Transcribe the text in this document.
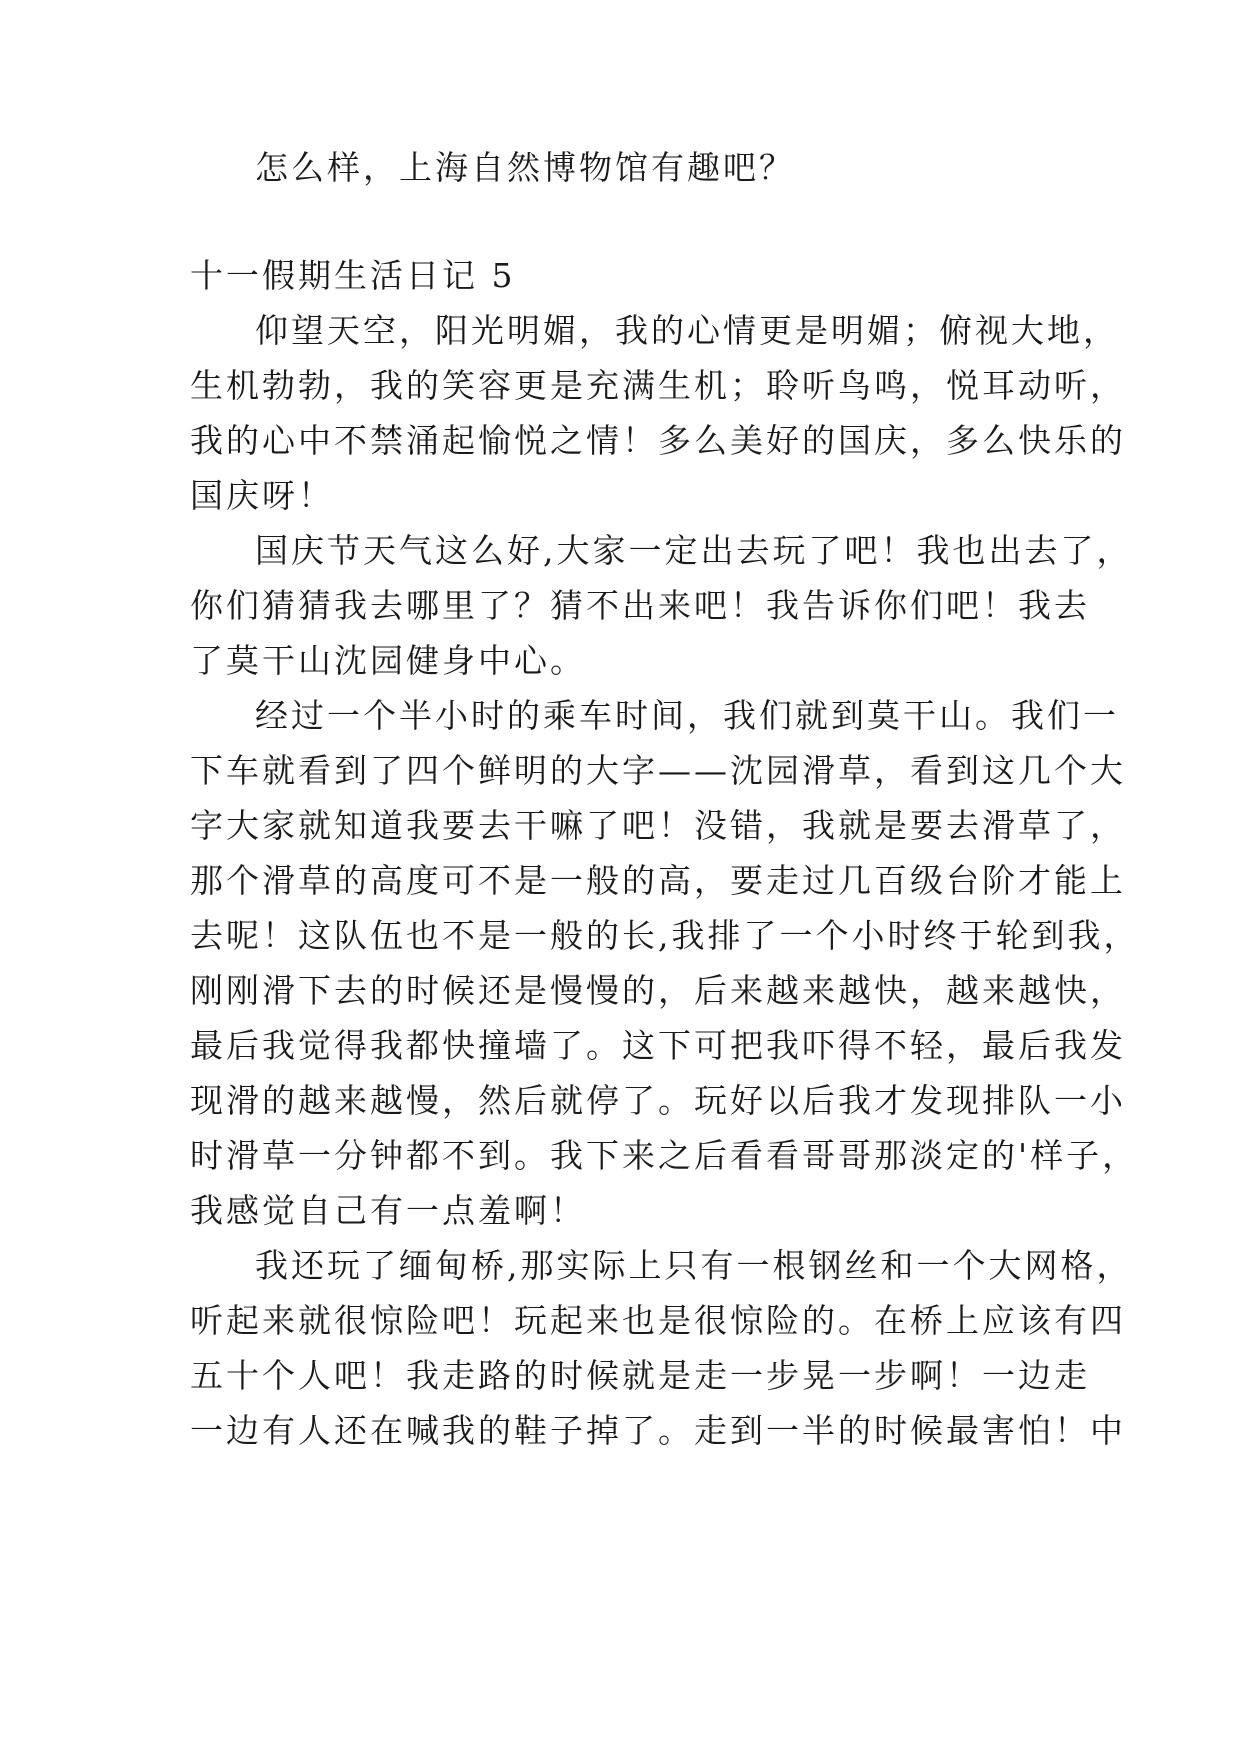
怎么样，上海自然博物馆有趣吧？

十一假期生活日记 5

仰望天空，阳光明媚，我的心情更是明媚；俯视大地，

生机勃勃，我的笑容更是充满生机；聆听鸟鸣，悦耳动听，

我的心中不禁涌起愉悦之情！多么美好的国庆，多么快乐的

国庆呀！

国庆节天气这么好,大家一定出去玩了吧！我也出去了，

你们猜猜我去哪里了？猜不出来吧！我告诉你们吧！我去

了莫干山沈园健身中心。

经过一个半小时的乘车时间，我们就到莫干山。我们一

下车就看到了四个鲜明的大字——沈园滑草，看到这几个大

字大家就知道我要去干嘛了吧！没错，我就是要去滑草了，

那个滑草的高度可不是一般的高，要走过几百级台阶才能上

去呢！这队伍也不是一般的长,我排了一个小时终于轮到我，

刚刚滑下去的时候还是慢慢的，后来越来越快，越来越快，

最后我觉得我都快撞墙了。这下可把我吓得不轻，最后我发

现滑的越来越慢，然后就停了。玩好以后我才发现排队一小

时滑草一分钟都不到。我下来之后看看哥哥那淡定的'样子，

我感觉自己有一点羞啊！

我还玩了缅甸桥,那实际上只有一根钢丝和一个大网格，

听起来就很惊险吧！玩起来也是很惊险的。在桥上应该有四

五十个人吧！我走路的时候就是走一步晃一步啊！一边走

一边有人还在喊我的鞋子掉了。走到一半的时候最害怕！中
